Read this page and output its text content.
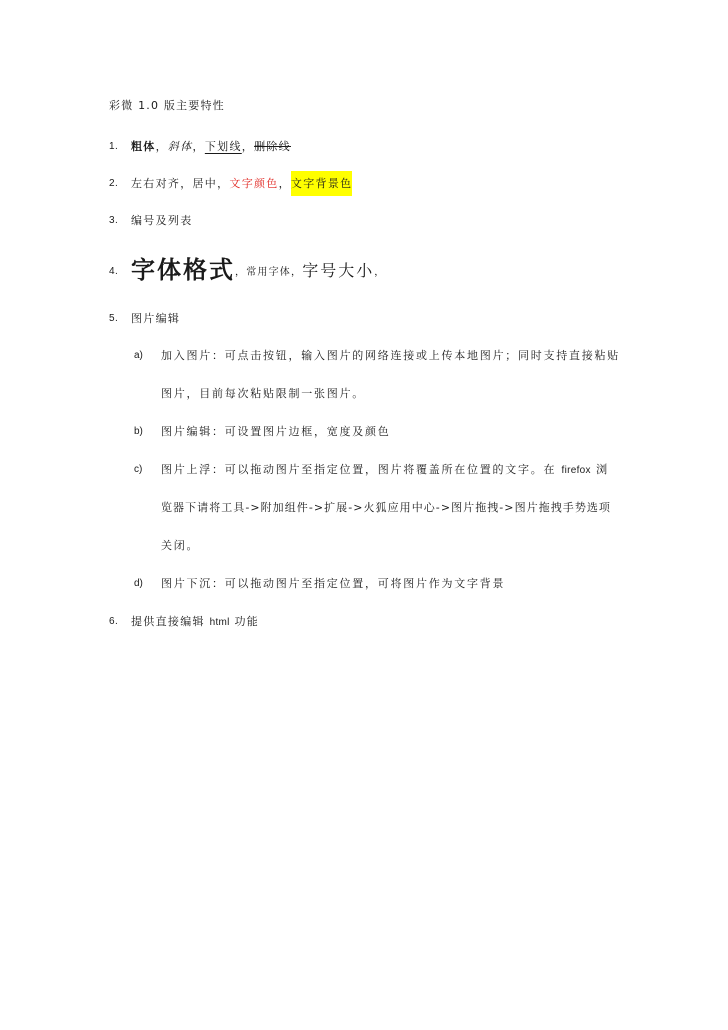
彩微 1.0 版主要特性
1. 粗体，斜体，下划线，删除线
2. 左右对齐，居中，文字颜色，文字背景色
3. 编号及列表
4. 字体格式，常用字体，字号大小，
5. 图片编辑
a) 加入图片：可点击按钮，输入图片的网络连接或上传本地图片；同时支持直接粘贴
图片，目前每次粘贴限制一张图片。
b) 图片编辑：可设置图片边框，宽度及颜色
c) 图片上浮：可以拖动图片至指定位置，图片将覆盖所在位置的文字。在 firefox 浏
览器下请将工具->附加组件->扩展->火狐应用中心->图片拖拽->图片拖拽手势选项
关闭。
d) 图片下沉：可以拖动图片至指定位置，可将图片作为文字背景
6. 提供直接编辑 html 功能
